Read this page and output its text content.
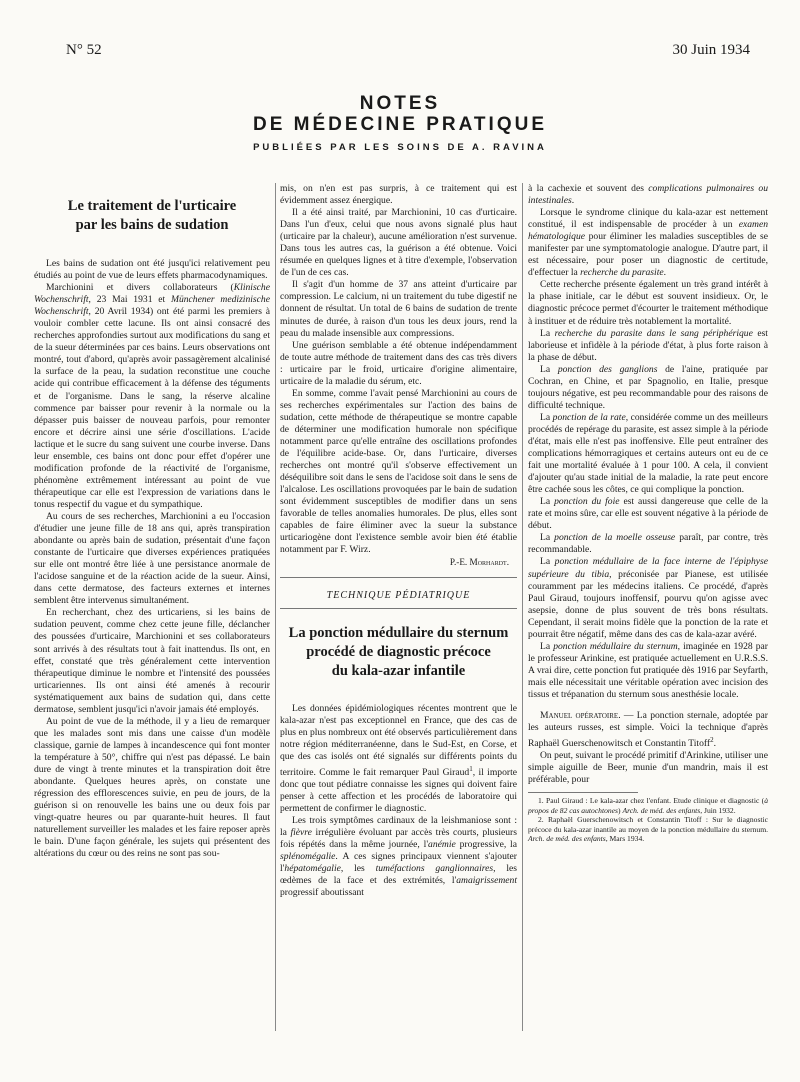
N° 52	30 Juin 1934
NOTES
DE MÉDECINE PRATIQUE
PUBLIÉES PAR LES SOINS DE A. RAVINA

Le traitement de l'urticaire

par les bains de sudation

Les bains de sudation ont été jusqu'ici relativement peu étudiés au point de vue de leurs effets pharmacodynamiques.

Marchionini et divers collaborateurs (Klinische Wochenschrift, 23 Mai 1931 et Münchener medizinische Wochenschrift, 20 Avril 1934) ont été parmi les premiers à vouloir combler cette lacune. Ils ont ainsi consacré des recherches approfondies surtout aux modifications du sang et de la sueur déterminées par ces bains. Leurs observations ont montré, tout d'abord, qu'après avoir passagèrement alcalinisé la surface de la peau, la sudation reconstitue une couche acide qui contribue efficacement à la défense des téguments et de l'organisme. Dans le sang, la réserve alcaline commence par baisser pour revenir à la normale ou la dépasser puis baisser de nouveau parfois, pour remonter encore et décrire ainsi une série d'oscillations. L'acide lactique et le sucre du sang suivent une courbe inverse. Dans leur ensemble, ces bains ont donc pour effet d'opérer une modification profonde de la réactivité de l'organisme, phénomène extrêmement intéressant au point de vue thérapeutique car elle est l'expression de variations dans le tonus respectif du vague et du sympathique.

Au cours de ses recherches, Marchionini a eu l'occasion d'étudier une jeune fille de 18 ans qui, après transpiration abondante ou après bain de sudation, présentait d'une façon constante de l'urticaire que diverses expériences pratiquées sur elle ont montré être liée à une persistance anormale de l'acidose sanguine et de la réaction acide de la sueur. Ainsi, dans cette dermatose, des facteurs externes et internes semblent être intervenus simultanément.

En recherchant, chez des urticariens, si les bains de sudation peuvent, comme chez cette jeune fille, déclancher des poussées d'urticaire, Marchionini et ses collaborateurs sont arrivés à des résultats tout à fait inattendus. Ils ont, en effet, constaté que très généralement cette intervention thérapeutique diminue le nombre et l'intensité des poussées urticariennes. Ils ont ainsi été amenés à recourir systématiquement aux bains de sudation qui, dans cette dermatose, semblent jusqu'ici n'avoir jamais été employés.

Au point de vue de la méthode, il y a lieu de remarquer que les malades sont mis dans une caisse d'un modèle classique, garnie de lampes à incandescence qui font monter la température à 50°, chiffre qui n'est pas dépassé. Le bain dure de vingt à trente minutes et la transpiration doit être abondante. Quelques heures après, on constate une régression des efflorescences suivie, en peu de jours, de la guérison si on renouvelle les bains une ou deux fois par vingt-quatre heures ou par quarante-huit heures. Il faut naturellement surveiller les malades et les faire reposer après le bain. D'une façon générale, les sujets qui présentent des altérations du cœur ou des reins ne sont pas sou-

mis, on n'en est pas surpris, à ce traitement qui est évidemment assez énergique.

Il a été ainsi traité, par Marchionini, 10 cas d'urticaire. Dans l'un d'eux, celui que nous avons signalé plus haut (urticaire par la chaleur), aucune amélioration n'est survenue. Dans tous les autres cas, la guérison a été obtenue. Voici résumée en quelques lignes et à titre d'exemple, l'observation de l'un de ces cas.

Il s'agit d'un homme de 37 ans atteint d'urticaire par compression. Le calcium, ni un traitement du tube digestif ne donnent de résultat. Un total de 6 bains de sudation de trente minutes de durée, à raison d'un tous les deux jours, rend la peau du malade insensible aux compressions.

Une guérison semblable a été obtenue indépendamment de toute autre méthode de traitement dans des cas très divers : urticaire par le froid, urticaire d'origine alimentaire, urticaire de la maladie du sérum, etc.

En somme, comme l'avait pensé Marchionini au cours de ses recherches expérimentales sur l'action des bains de sudation, cette méthode de thérapeutique se montre capable de déterminer une modification humorale non spécifique notamment parce qu'elle entraîne des oscillations profondes de l'équilibre acide-base. Or, dans l'urticaire, diverses recherches ont montré qu'il s'observe effectivement un déséquilibre soit dans le sens de l'acidose soit dans le sens de l'alcalose. Les oscillations provoquées par le bain de sudation sont évidemment susceptibles de modifier dans un sens favorable de telles anomalies humorales. De plus, elles sont capables de faire éliminer avec la sueur la substance urticariogène dont l'existence semble avoir bien été établie notamment par F. Wirz.

P.-E. Morhardt.

TECHNIQUE PÉDIATRIQUE

La ponction médullaire du sternum

procédé de diagnostic précoce

du kala-azar infantile

Les données épidémiologiques récentes montrent que le kala-azar n'est pas exceptionnel en France, que des cas de plus en plus nombreux ont été observés particulièrement dans notre région méditerranéenne, dans le Sud-Est, en Corse, et que des cas isolés ont été signalés sur différents points du territoire. Comme le fait remarquer Paul Giraud$^1$, il importe donc que tout pédiatre connaisse les signes qui doivent faire penser à cette affection et les procédés de laboratoire qui permettent de confirmer le diagnostic.

Les trois symptômes cardinaux de la leishmaniose sont : la fièvre irrégulière évoluant par accès très courts, plusieurs fois répétés dans la même journée, l'anémie progressive, la splénomégalie. A ces signes principaux viennent s'ajouter l'hépatomégalie, les tuméfactions ganglionnaires, les œdèmes de la face et des extrémités, l'amaigrissement progressif aboutissant

à la cachexie et souvent des complications pulmonaires ou intestinales.

Lorsque le syndrome clinique du kala-azar est nettement constitué, il est indispensable de procéder à un examen hématologique pour éliminer les maladies susceptibles de se manifester par une symptomatologie analogue. D'autre part, il est nécessaire, pour poser un diagnostic de certitude, d'effectuer la recherche du parasite.

Cette recherche présente également un très grand intérêt à la phase initiale, car le début est souvent insidieux. Or, le diagnostic précoce permet d'écourter le traitement méthodique à instituer et de réduire très notablement la mortalité.

La recherche du parasite dans le sang périphérique est laborieuse et infidèle à la période d'état, à plus forte raison à la phase de début.

La ponction des ganglions de l'aine, pratiquée par Cochran, en Chine, et par Spagnolio, en Italie, presque toujours négative, est peu recommandable pour des raisons de difficulté technique.

La ponction de la rate, considérée comme un des meilleurs procédés de repérage du parasite, est assez simple à la période d'état, mais elle n'est pas inoffensive. Elle peut entraîner des complications hémorragiques et certains auteurs ont eu de ce fait une mortalité évaluée à 1 pour 100. A cela, il convient d'ajouter qu'au stade initial de la maladie, la rate peut encore être cachée sous les côtes, ce qui complique la ponction.

La ponction du foie est aussi dangereuse que celle de la rate et moins sûre, car elle est souvent négative à la période de début.

La ponction de la moelle osseuse paraît, par contre, très recommandable.

La ponction médullaire de la face interne de l'épiphyse supérieure du tibia, préconisée par Pianese, est utilisée couramment par les médecins italiens. Ce procédé, d'après Paul Giraud, toujours inoffensif, pourvu qu'on agisse avec asepsie, donne de plus souvent de très bons résultats. Cependant, il serait moins fidèle que la ponction de la rate et pourrait être négatif, même dans des cas de kala-azar avéré.

La ponction médullaire du sternum, imaginée en 1928 par le professeur Arinkine, est pratiquée actuellement en U.R.S.S. A vrai dire, cette ponction fut pratiquée dès 1916 par Seyfarth, mais elle nécessitait une véritable opération avec incision des tissus et trépanation du sternum sous anesthésie locale.

Manuel opératoire. — La ponction sternale, adoptée par les auteurs russes, est simple. Voici la technique d'après Raphaël Guerschenowitsch et Constantin Titoff$^2$.

On peut, suivant le procédé primitif d'Arinkine, utiliser une simple aiguille de Beer, munie d'un mandrin, mais il est préférable, pour

1. Paul Giraud : Le kala-azar chez l'enfant. Etude clinique et diagnostic (à propos de 82 cas autochtones) Arch. de méd. des enfants, Juin 1932.

2. Raphaël Guerschenowitsch et Constantin Titoff : Sur le diagnostic précoce du kala-azar inantile au moyen de la ponction médullaire du sternum. Arch. de méd. des enfants, Mars 1934.
